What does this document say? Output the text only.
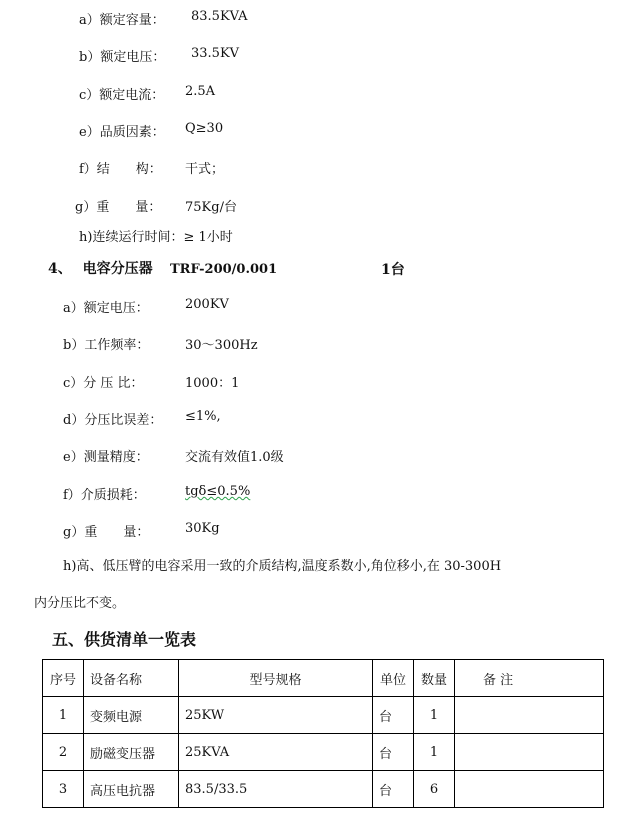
a）额定容量： 83.5KVA
b）额定电压： 33.5KV
c）额定电流： 2.5A
e）品质因素： Q≥30
f）结　　构： 干式；
g）重　　量： 75Kg/台
h)连续运行时间：≥ 1小时
4、 电容分压器 TRF-200/0.001	1台
a）额定电压：	200KV
b）工作频率：	30～300Hz
c）分 压 比：	1000：1
d）分压比误差： ≤1%,
e）测量精度：	交流有效值1.0级
f）介质损耗：	tgδ≤0.5%
g）重　　量：	30Kg
h)高、低压臂的电容采用一致的介质结构,温度系数小,角位移小,在 30-300H
内分压比不变。
五、供货清单一览表
序号	设备名称	型号规格	单位	数量	备 注
1	变频电源	25KW	台	1	
2	励磁变压器	25KVA	台	1	
3	高压电抗器	83.5/33.5	台	6	
